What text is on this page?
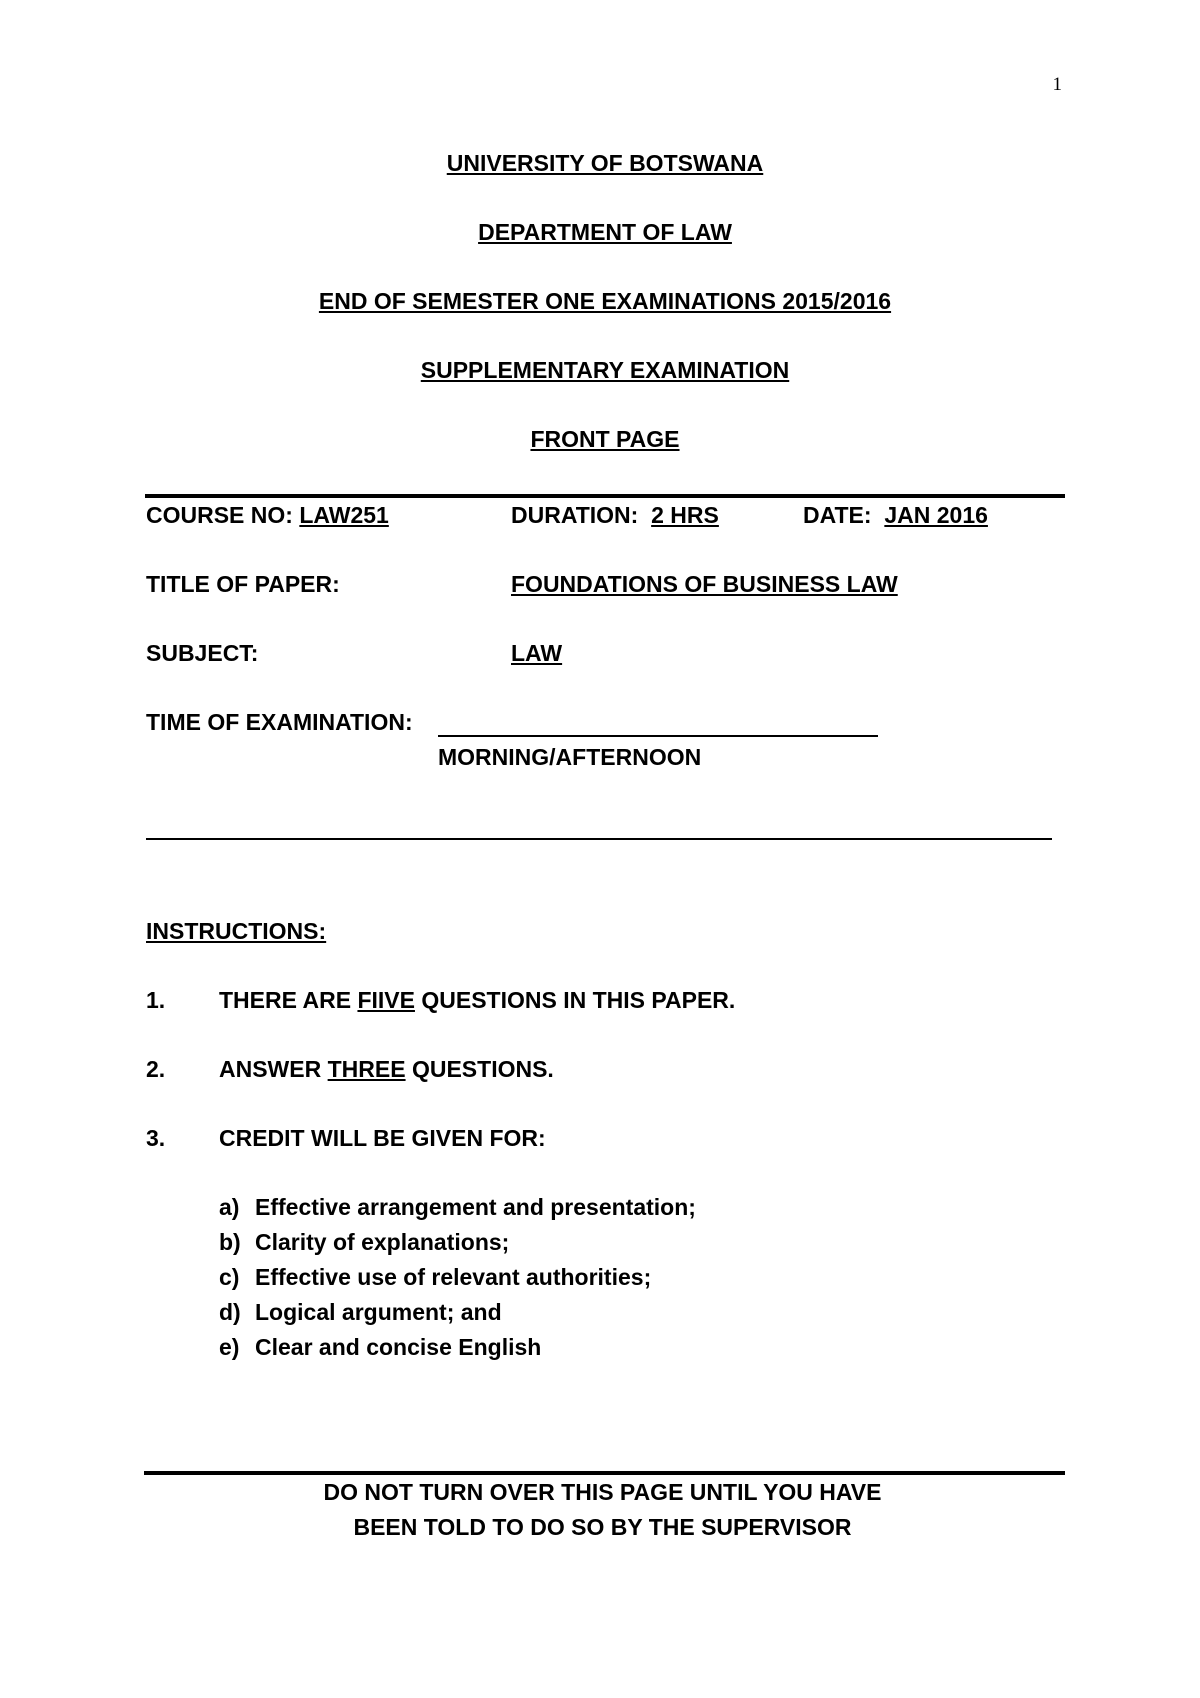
1
UNIVERSITY OF BOTSWANA
DEPARTMENT OF LAW
END OF SEMESTER ONE EXAMINATIONS 2015/2016
SUPPLEMENTARY EXAMINATION
FRONT PAGE
COURSE NO: LAW251	DURATION: 2 HRS	DATE: JAN 2016
TITLE OF PAPER:	FOUNDATIONS OF BUSINESS LAW
SUBJECT:	LAW
TIME OF EXAMINATION:
MORNING/AFTERNOON
INSTRUCTIONS:
1. THERE ARE FIIVE QUESTIONS IN THIS PAPER.
2. ANSWER THREE QUESTIONS.
3. CREDIT WILL BE GIVEN FOR:
a) Effective arrangement and presentation;
b) Clarity of explanations;
c) Effective use of relevant authorities;
d) Logical argument; and
e) Clear and concise English
DO NOT TURN OVER THIS PAGE UNTIL YOU HAVE
BEEN TOLD TO DO SO BY THE SUPERVISOR
